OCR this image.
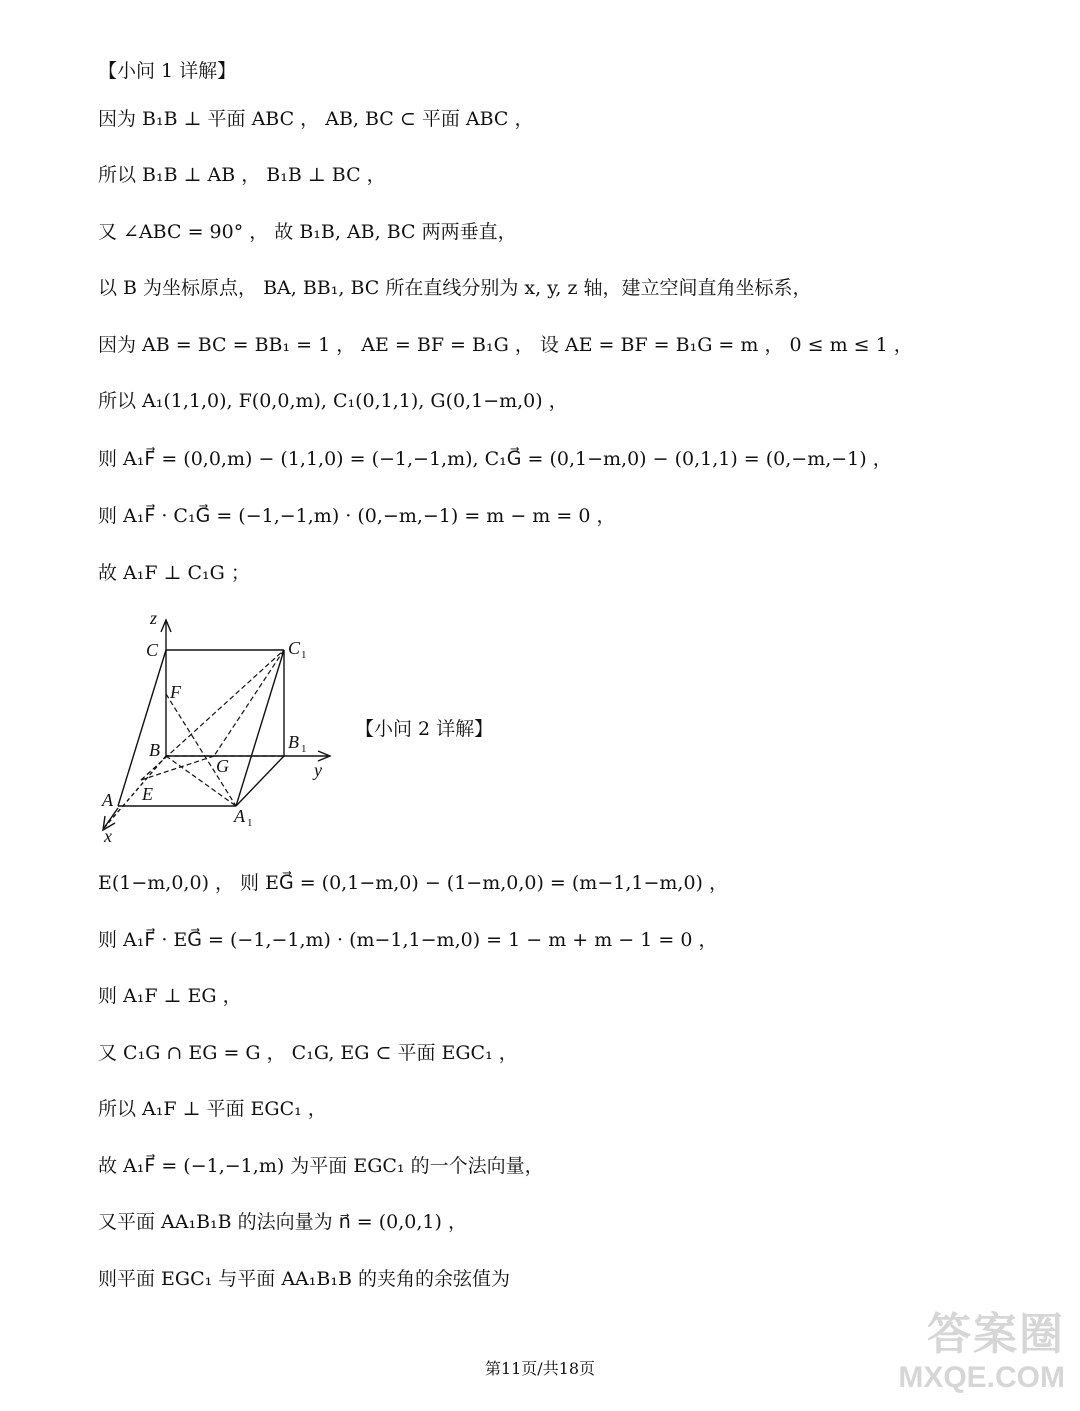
【小问 1 详解】
因为 B₁B ⊥ 平面 ABC ， AB, BC ⊂ 平面 ABC ，
所以 B₁B ⊥ AB ， B₁B ⊥ BC ，
又 ∠ABC = 90° ， 故 B₁B, AB, BC 两两垂直，
以 B 为坐标原点， BA, BB₁, BC 所在直线分别为 x, y, z 轴，建立空间直角坐标系，
因为 AB = BC = BB₁ = 1 ， AE = BF = B₁G ， 设 AE = BF = B₁G = m ， 0 ≤ m ≤ 1 ，
所以 A₁(1,1,0), F(0,0,m), C₁(0,1,1), G(0,1−m,0) ，
则 A₁F⃗ = (0,0,m) − (1,1,0) = (−1,−1,m), C₁G⃗ = (0,1−m,0) − (0,1,1) = (0,−m,−1) ，
则 A₁F⃗ · C₁G⃗ = (−1,−1,m) · (0,−m,−1) = m − m = 0 ，
故 A₁F ⊥ C₁G ；
z
C	C 1
F
B	B 1
G	y
A E
A 1
x
【小问 2 详解】
E(1−m,0,0) ， 则 EG⃗ = (0,1−m,0) − (1−m,0,0) = (m−1,1−m,0) ，
则 A₁F⃗ · EG⃗ = (−1,−1,m) · (m−1,1−m,0) = 1 − m + m − 1 = 0 ，
则 A₁F ⊥ EG ，
又 C₁G ∩ EG = G ， C₁G, EG ⊂ 平面 EGC₁ ，
所以 A₁F ⊥ 平面 EGC₁ ，
故 A₁F⃗ = (−1,−1,m) 为平面 EGC₁ 的一个法向量，
又平面 AA₁B₁B 的法向量为 n⃗ = (0,0,1) ，
则平面 EGC₁ 与平面 AA₁B₁B 的夹角的余弦值为
第11页/共18页
答案圈
MXQE.COM
